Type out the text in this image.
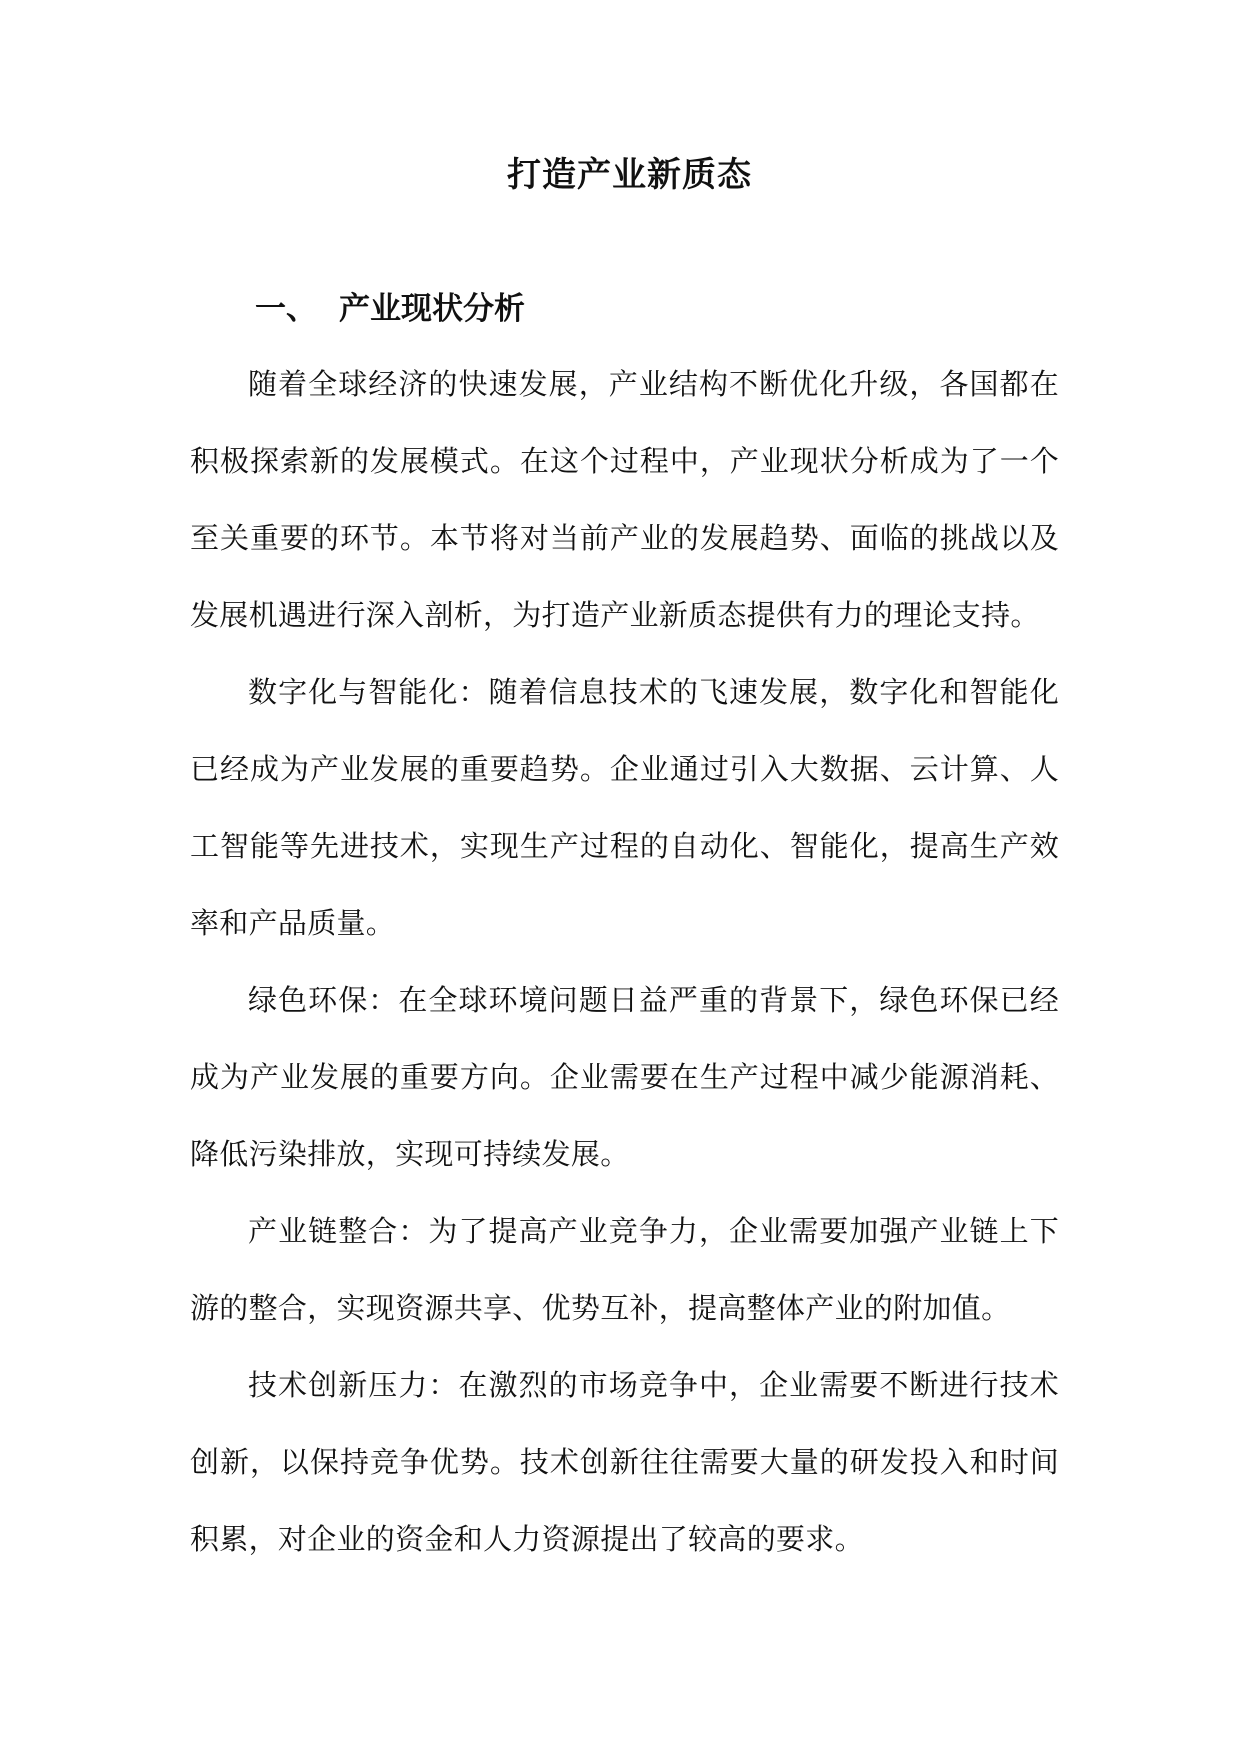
打造产业新质态
一、 产业现状分析

随着全球经济的快速发展，产业结构不断优化升级，各国都在积极探索新的发展模式。在这个过程中，产业现状分析成为了一个至关重要的环节。本节将对当前产业的发展趋势、面临的挑战以及发展机遇进行深入剖析，为打造产业新质态提供有力的理论支持。

数字化与智能化：随着信息技术的飞速发展，数字化和智能化已经成为产业发展的重要趋势。企业通过引入大数据、云计算、人工智能等先进技术，实现生产过程的自动化、智能化，提高生产效率和产品质量。

绿色环保：在全球环境问题日益严重的背景下，绿色环保已经成为产业发展的重要方向。企业需要在生产过程中减少能源消耗、降低污染排放，实现可持续发展。

产业链整合：为了提高产业竞争力，企业需要加强产业链上下游的整合，实现资源共享、优势互补，提高整体产业的附加值。

技术创新压力：在激烈的市场竞争中，企业需要不断进行技术创新，以保持竞争优势。技术创新往往需要大量的研发投入和时间积累，对企业的资金和人力资源提出了较高的要求。
